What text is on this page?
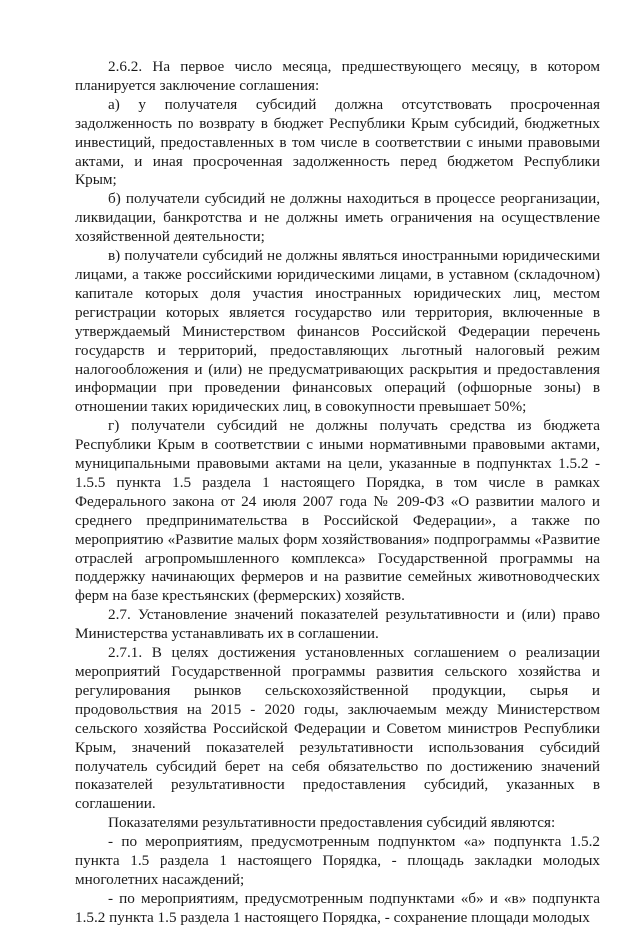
2.6.2. На первое число месяца, предшествующего месяцу, в котором планируется заключение соглашения:

а) у получателя субсидий должна отсутствовать просроченная задолженность по возврату в бюджет Республики Крым субсидий, бюджетных инвестиций, предоставленных в том числе в соответствии с иными правовыми актами, и иная просроченная задолженность перед бюджетом Республики Крым;

б) получатели субсидий не должны находиться в процессе реорганизации, ликвидации, банкротства и не должны иметь ограничения на осуществление хозяйственной деятельности;

в) получатели субсидий не должны являться иностранными юридическими лицами, а также российскими юридическими лицами, в уставном (складочном) капитале которых доля участия иностранных юридических лиц, местом регистрации которых является государство или территория, включенные в утверждаемый Министерством финансов Российской Федерации перечень государств и территорий, предоставляющих льготный налоговый режим налогообложения и (или) не предусматривающих раскрытия и предоставления информации при проведении финансовых операций (офшорные зоны) в отношении таких юридических лиц, в совокупности превышает 50%;

г) получатели субсидий не должны получать средства из бюджета Республики Крым в соответствии с иными нормативными правовыми актами, муниципальными правовыми актами на цели, указанные в подпунктах 1.5.2 - 1.5.5 пункта 1.5 раздела 1 настоящего Порядка, в том числе в рамках Федерального закона от 24 июля 2007 года № 209-ФЗ «О развитии малого и среднего предпринимательства в Российской Федерации», а также по мероприятию «Развитие малых форм хозяйствования» подпрограммы «Развитие отраслей агропромышленного комплекса» Государственной программы на поддержку начинающих фермеров и на развитие семейных животноводческих ферм на базе крестьянских (фермерских) хозяйств.

2.7. Установление значений показателей результативности и (или) право Министерства устанавливать их в соглашении.

2.7.1. В целях достижения установленных соглашением о реализации мероприятий Государственной программы развития сельского хозяйства и регулирования рынков сельскохозяйственной продукции, сырья и продовольствия на 2015 - 2020 годы, заключаемым между Министерством сельского хозяйства Российской Федерации и Советом министров Республики Крым, значений показателей результативности использования субсидий получатель субсидий берет на себя обязательство по достижению значений показателей результативности предоставления субсидий, указанных в соглашении.

Показателями результативности предоставления субсидий являются:

- по мероприятиям, предусмотренным подпунктом «а» подпункта 1.5.2 пункта 1.5 раздела 1 настоящего Порядка, - площадь закладки молодых многолетних насаждений;

- по мероприятиям, предусмотренным подпунктами «б» и «в» подпункта 1.5.2 пункта 1.5 раздела 1 настоящего Порядка, - сохранение площади молодых
